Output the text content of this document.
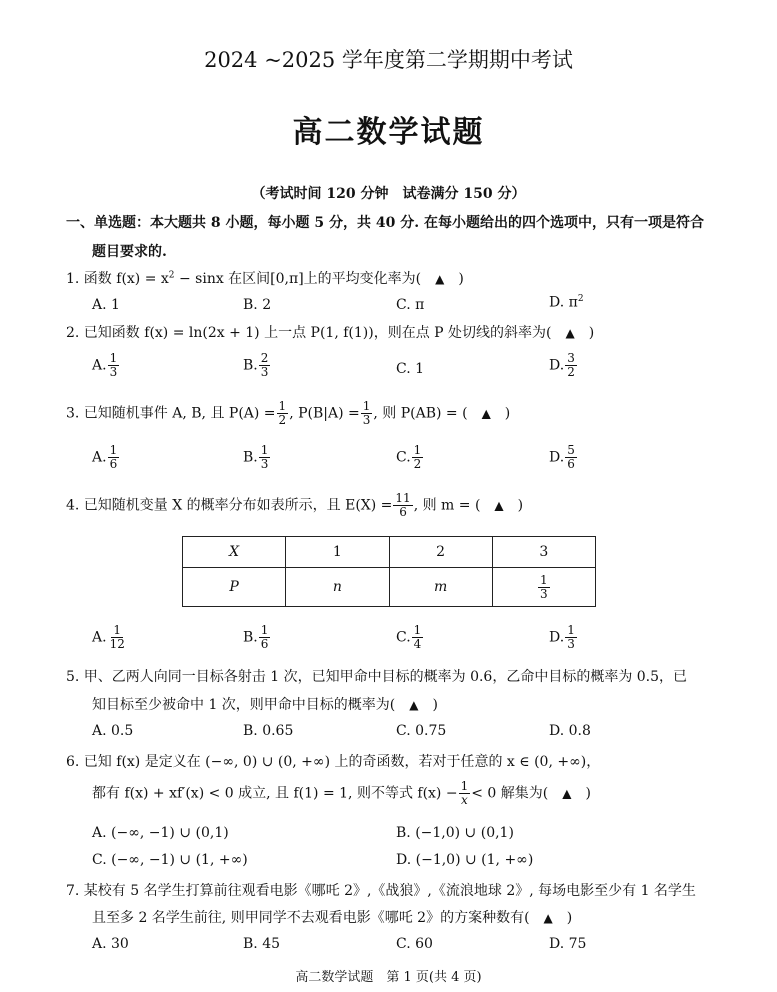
2024 ~2025 学年度第二学期期中考试
高二数学试题
（考试时间 120 分钟　试卷满分 150 分）
一、单选题：本大题共 8 小题，每小题 5 分，共 40 分. 在每小题给出的四个选项中，只有一项是符合
题目要求的.
1. 函数 $f(x) = x^2 - \sin x$ 在区间[0,π]上的平均变化率为(　▲　)
A. 1	B. 2	C. π	D. $\pi^2$
2. 已知函数 f(x) = ln(2x + 1) 上一点 P(1, f(1))，则在点 P 处切线的斜率为(　▲　)
A. $\frac{1}{3}$	B. $\frac{2}{3}$	C. 1	D. $\frac{3}{2}$
3. 已知随机事件 A, B, 且 $P(A) = \frac{1}{2}$ , $P(B|A) = \frac{1}{3}$ , 则 P(AB) = (　▲　)
A. $\frac{1}{6}$	B. $\frac{1}{3}$	C. $\frac{1}{2}$	D. $\frac{5}{6}$
4. 已知随机变量 X 的概率分布如表所示，且 $E(X) = \frac{11}{6}$ , 则 m = (　▲　)
X	1	2	3
P	n	m	$\frac{1}{3}$
A. $\frac{1}{12}$	B. $\frac{1}{6}$	C. $\frac{1}{4}$	D. $\frac{1}{3}$
5. 甲、乙两人向同一目标各射击 1 次，已知甲命中目标的概率为 0.6，乙命中目标的概率为 0.5，已
知目标至少被命中 1 次，则甲命中目标的概率为(　▲　)
A. 0.5	B. 0.65	C. 0.75	D. 0.8
6. 已知 f(x) 是定义在 (−∞, 0) ∪ (0, +∞) 上的奇函数，若对于任意的 x ∈ (0, +∞)，
都有 f(x) + xf′(x) < 0 成立, 且 f(1) = 1, 则不等式 $f(x) - \frac{1}{x} < 0$ 解集为(　▲　)
A. (−∞, −1) ∪ (0,1)	B. (−1,0) ∪ (0,1)
C. (−∞, −1) ∪ (1, +∞)	D. (−1,0) ∪ (1, +∞)
7. 某校有 5 名学生打算前往观看电影《哪吒 2》,《战狼》,《流浪地球 2》, 每场电影至少有 1 名学生
且至多 2 名学生前往, 则甲同学不去观看电影《哪吒 2》的方案种数有(　▲　)
A. 30	B. 45	C. 60	D. 75
高二数学试题　第 1 页(共 4 页)
